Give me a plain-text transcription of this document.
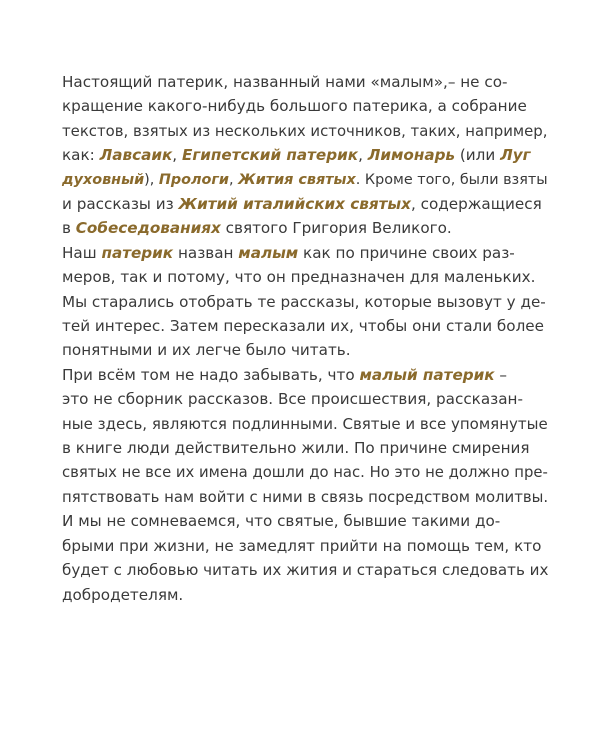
Настоящий патерик, названный нами «малым»,– не со-
кращение какого-нибудь большого патерика, а собрание
текстов, взятых из нескольких источников, таких, например,
как: Лавсаик, Египетский патерик, Лимонарь (или Луг
духовный), Прологи, Жития святых. Кроме того, были взяты
и рассказы из Житий италийских святых, содержащиеся
в Собеседованиях святого Григория Великого.
Наш патерик назван малым как по причине своих раз-
меров, так и потому, что он предназначен для маленьких.
Мы старались отобрать те рассказы, которые вызовут у де-
тей интерес. Затем пересказали их, чтобы они стали более
понятными и их легче было читать.
При всём том не надо забывать, что малый патерик –
это не сборник рассказов. Все происшествия, рассказан-
ные здесь, являются подлинными. Святые и все упомянутые
в книге люди действительно жили. По причине смирения
святых не все их имена дошли до нас. Но это не должно пре-
пятствовать нам войти с ними в связь посредством молитвы.
И мы не сомневаемся, что святые, бывшие такими до-
брыми при жизни, не замедлят прийти на помощь тем, кто
будет с любовью читать их жития и стараться следовать их
добродетелям.
